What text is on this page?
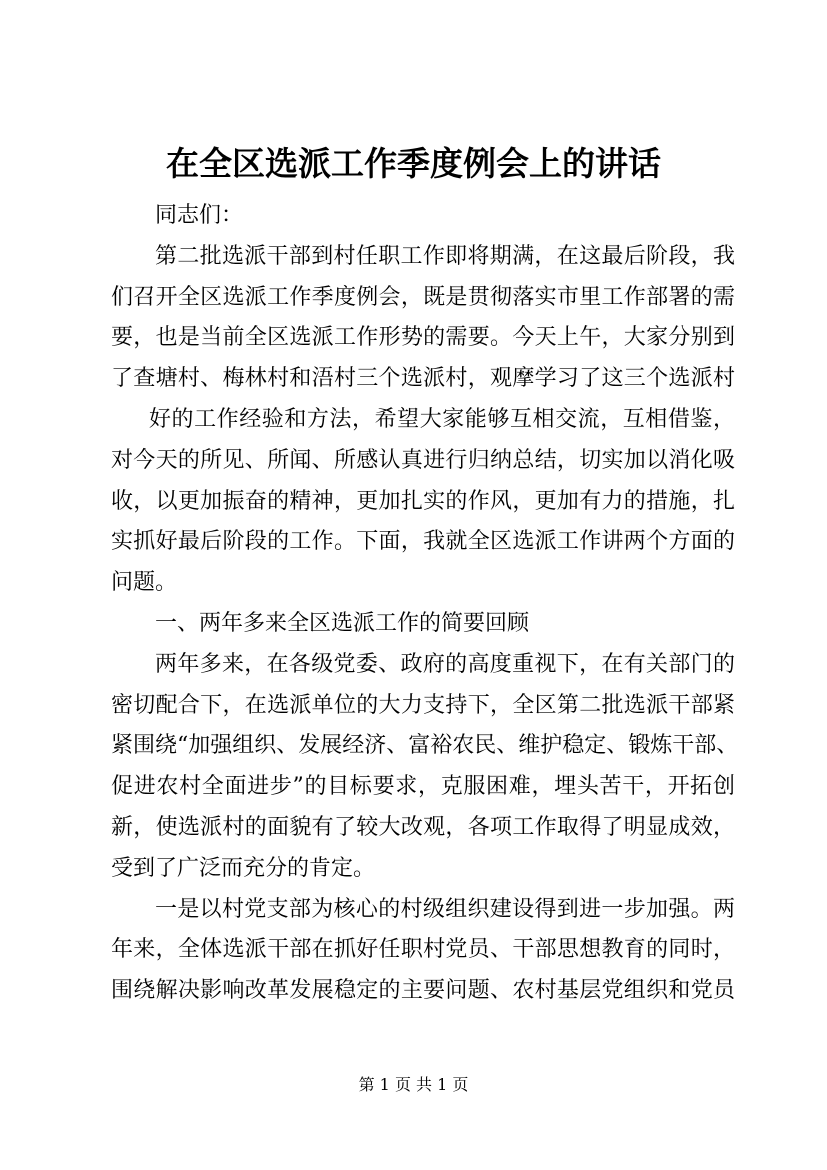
在全区选派工作季度例会上的讲话
同志们：
第二批选派干部到村任职工作即将期满，在这最后阶段，我
们召开全区选派工作季度例会，既是贯彻落实市里工作部署的需
要，也是当前全区选派工作形势的需要。今天上午，大家分别到
了查塘村、梅林村和浯村三个选派村，观摩学习了这三个选派村
好的工作经验和方法，希望大家能够互相交流，互相借鉴，
对今天的所见、所闻、所感认真进行归纳总结，切实加以消化吸
收，以更加振奋的精神，更加扎实的作风，更加有力的措施，扎
实抓好最后阶段的工作。下面，我就全区选派工作讲两个方面的
问题。
一、两年多来全区选派工作的简要回顾
两年多来，在各级党委、政府的高度重视下，在有关部门的
密切配合下，在选派单位的大力支持下，全区第二批选派干部紧
紧围绕“加强组织、发展经济、富裕农民、维护稳定、锻炼干部、
促进农村全面进步”的目标要求，克服困难，埋头苦干，开拓创
新，使选派村的面貌有了较大改观，各项工作取得了明显成效，
受到了广泛而充分的肯定。
一是以村党支部为核心的村级组织建设得到进一步加强。两
年来，全体选派干部在抓好任职村党员、干部思想教育的同时，
围绕解决影响改革发展稳定的主要问题、农村基层党组织和党员
第 1 页 共 1 页
